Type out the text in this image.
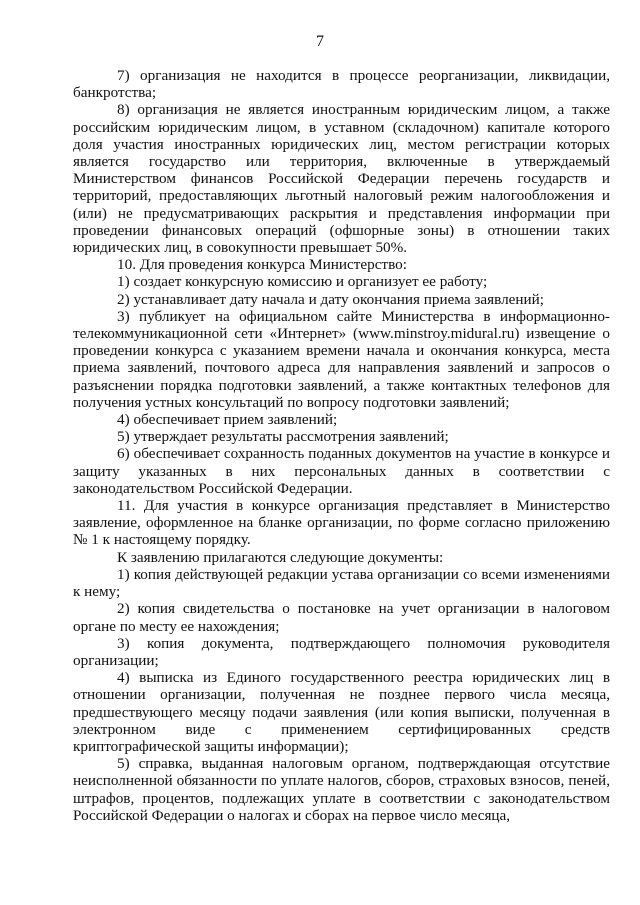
7

7) организация не находится в процессе реорганизации, ликвидации, банкротства;

8) организация не является иностранным юридическим лицом, а также российским юридическим лицом, в уставном (складочном) капитале которого доля участия иностранных юридических лиц, местом регистрации которых является государство или территория, включенные в утверждаемый Министерством финансов Российской Федерации перечень государств и территорий, предоставляющих льготный налоговый режим налогообложения и (или) не предусматривающих раскрытия и представления информации при проведении финансовых операций (офшорные зоны) в отношении таких юридических лиц, в совокупности превышает 50%.

10. Для проведения конкурса Министерство:

1) создает конкурсную комиссию и организует ее работу;

2) устанавливает дату начала и дату окончания приема заявлений;

3) публикует на официальном сайте Министерства в информационно-телекоммуникационной сети «Интернет» (www.minstroy.midural.ru) извещение о проведении конкурса с указанием времени начала и окончания конкурса, места приема заявлений, почтового адреса для направления заявлений и запросов о разъяснении порядка подготовки заявлений, а также контактных телефонов для получения устных консультаций по вопросу подготовки заявлений;

4) обеспечивает прием заявлений;

5) утверждает результаты рассмотрения заявлений;

6) обеспечивает сохранность поданных документов на участие в конкурсе и защиту указанных в них персональных данных в соответствии с законодательством Российской Федерации.

11. Для участия в конкурсе организация представляет в Министерство заявление, оформленное на бланке организации, по форме согласно приложению № 1 к настоящему порядку.

К заявлению прилагаются следующие документы:

1) копия действующей редакции устава организации со всеми изменениями к нему;

2) копия свидетельства о постановке на учет организации в налоговом органе по месту ее нахождения;

3) копия документа, подтверждающего полномочия руководителя организации;

4) выписка из Единого государственного реестра юридических лиц в отношении организации, полученная не позднее первого числа месяца, предшествующего месяцу подачи заявления (или копия выписки, полученная в электронном виде с применением сертифицированных средств криптографической защиты информации);

5) справка, выданная налоговым органом, подтверждающая отсутствие неисполненной обязанности по уплате налогов, сборов, страховых взносов, пеней, штрафов, процентов, подлежащих уплате в соответствии с законодательством Российской Федерации о налогах и сборах на первое число месяца,
